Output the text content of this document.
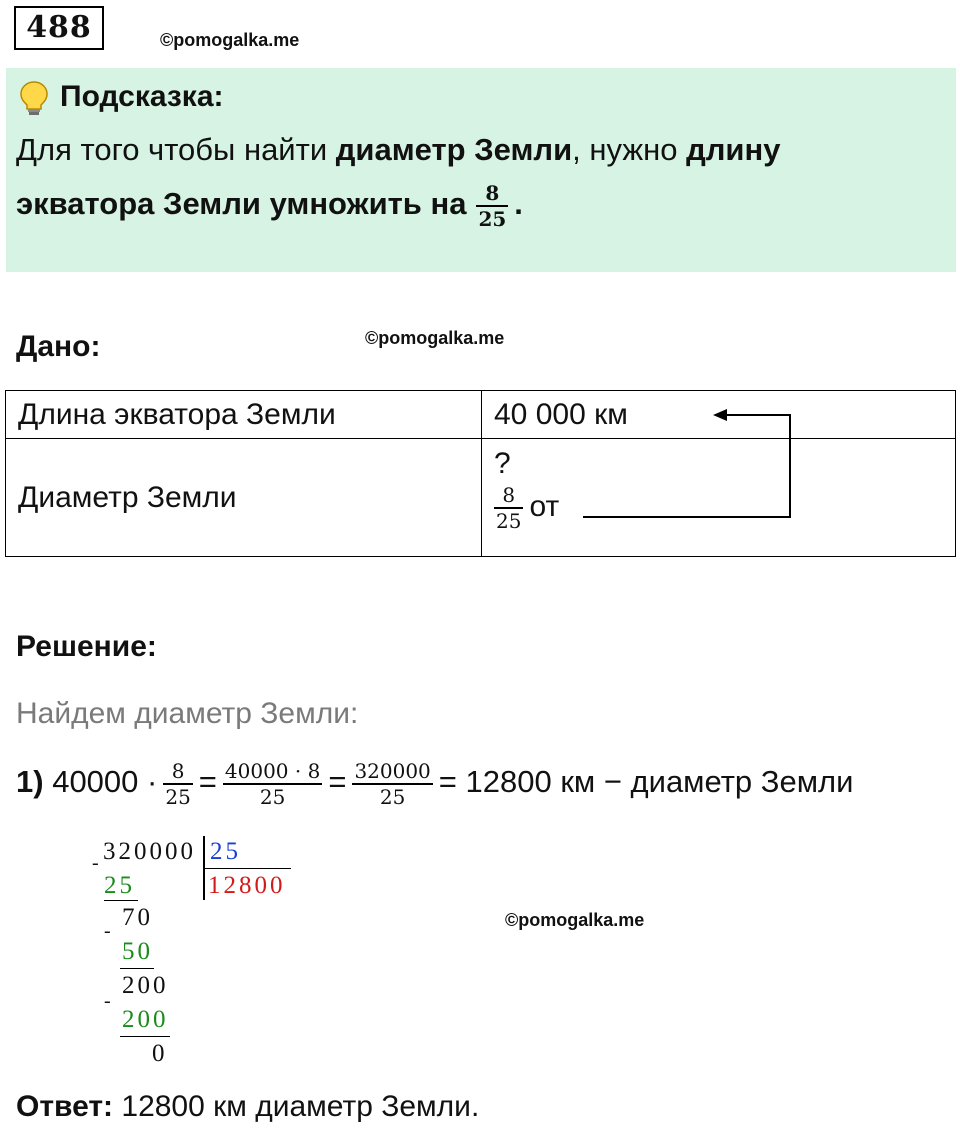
488	©pomogalka.me
Подсказка:
Для того чтобы найти диаметр Земли, нужно длину
экватора Земли умножить на $\frac{8}{25}$ .
Дано:	©pomogalka.me
Длина экватора Земли	40 000 км
Диаметр Земли	?
$\frac{8}{25}$ от
Решение:
Найдем диаметр Земли:
1) $40000 \cdot \frac{8}{25} = \frac{40000 \cdot 8}{25} = \frac{320000}{25} = 12800$ км − диаметр Земли
320000 25
12800
-
25
70
-
50
200
-
200
0
©pomogalka.me
Ответ: 12800 км диаметр Земли.
